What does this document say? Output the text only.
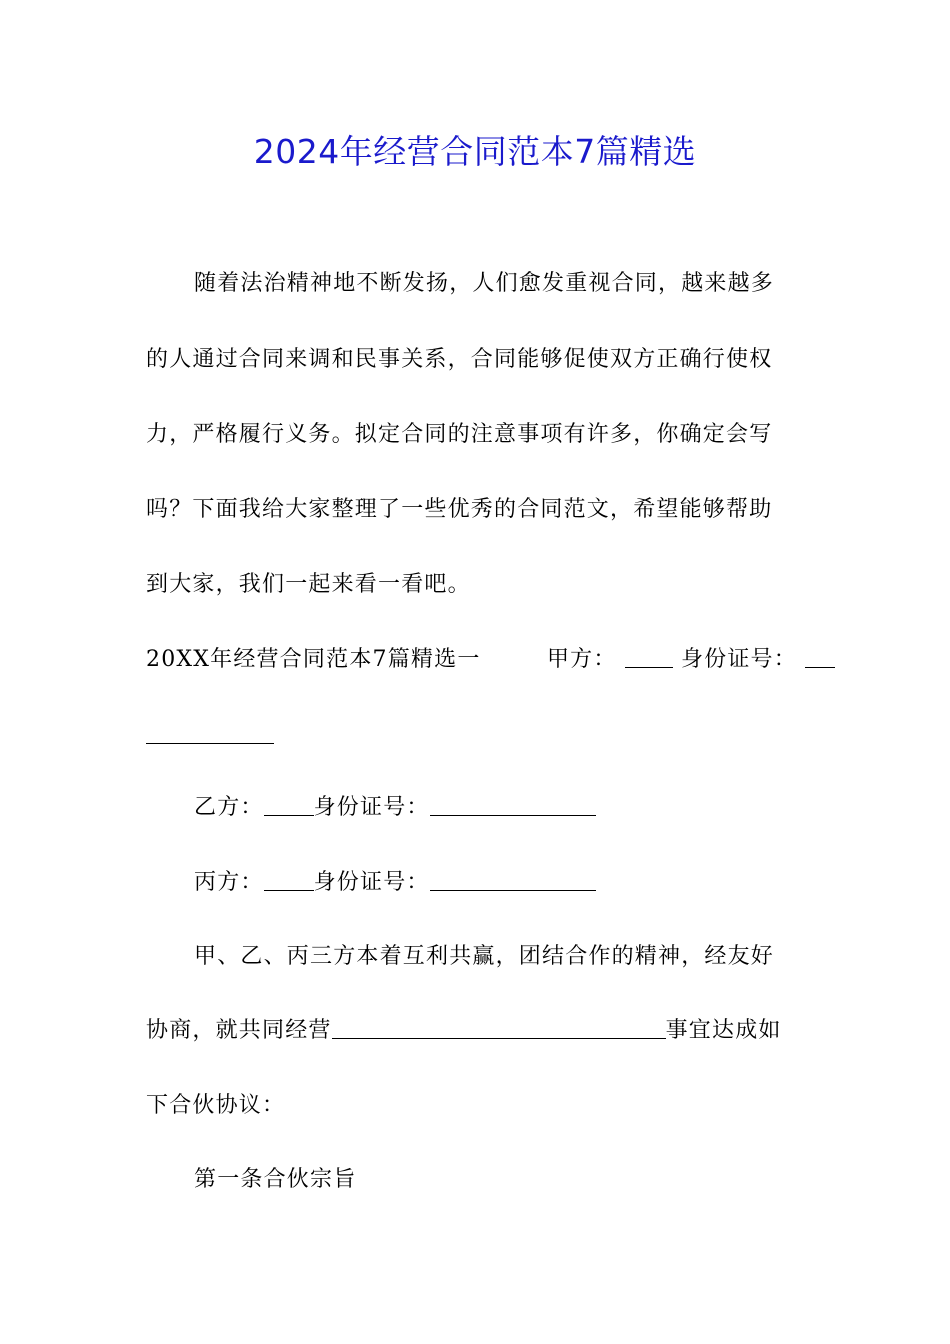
2024年经营合同范本7篇精选
随着法治精神地不断发扬，人们愈发重视合同，越来越多
的人通过合同来调和民事关系，合同能够促使双方正确行使权
力，严格履行义务。拟定合同的注意事项有许多，你确定会写
吗？下面我给大家整理了一些优秀的合同范文，希望能够帮助
到大家，我们一起来看一看吧。
20XX年经营合同范本7篇精选一	甲方：	身份证号：
乙方： 身份证号：
丙方： 身份证号：
甲、乙、丙三方本着互利共赢，团结合作的精神，经友好
协商，就共同经营	事宜达成如
下合伙协议：
第一条合伙宗旨
